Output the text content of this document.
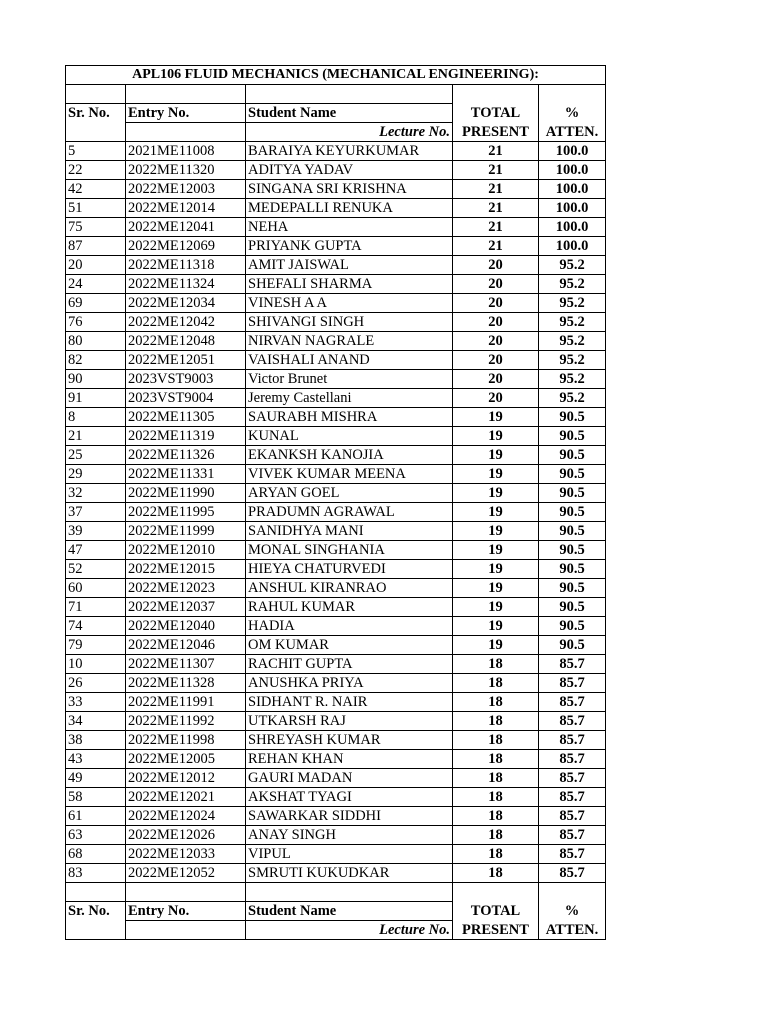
APL106 FLUID MECHANICS (MECHANICAL ENGINEERING):				

Sr. No.	Entry No.	Student Name	TOTAL	%
		Lecture No.	PRESENT	ATTEN.
5	2021ME11008	BARAIYA KEYURKUMAR	21	100.0
22	2022ME11320	ADITYA YADAV	21	100.0
42	2022ME12003	SINGANA SRI KRISHNA	21	100.0
51	2022ME12014	MEDEPALLI RENUKA	21	100.0
75	2022ME12041	NEHA	21	100.0
87	2022ME12069	PRIYANK GUPTA	21	100.0
20	2022ME11318	AMIT JAISWAL	20	95.2
24	2022ME11324	SHEFALI SHARMA	20	95.2
69	2022ME12034	VINESH A A	20	95.2
76	2022ME12042	SHIVANGI SINGH	20	95.2
80	2022ME12048	NIRVAN NAGRALE	20	95.2
82	2022ME12051	VAISHALI ANAND	20	95.2
90	2023VST9003	Victor Brunet	20	95.2
91	2023VST9004	Jeremy Castellani	20	95.2
8	2022ME11305	SAURABH MISHRA	19	90.5
21	2022ME11319	KUNAL	19	90.5
25	2022ME11326	EKANKSH KANOJIA	19	90.5
29	2022ME11331	VIVEK KUMAR MEENA	19	90.5
32	2022ME11990	ARYAN GOEL	19	90.5
37	2022ME11995	PRADUMN AGRAWAL	19	90.5
39	2022ME11999	SANIDHYA MANI	19	90.5
47	2022ME12010	MONAL SINGHANIA	19	90.5
52	2022ME12015	HIEYA CHATURVEDI	19	90.5
60	2022ME12023	ANSHUL KIRANRAO	19	90.5
71	2022ME12037	RAHUL KUMAR	19	90.5
74	2022ME12040	HADIA	19	90.5
79	2022ME12046	OM KUMAR	19	90.5
10	2022ME11307	RACHIT GUPTA	18	85.7
26	2022ME11328	ANUSHKA PRIYA	18	85.7
33	2022ME11991	SIDHANT R. NAIR	18	85.7
34	2022ME11992	UTKARSH RAJ	18	85.7
38	2022ME11998	SHREYASH KUMAR	18	85.7
43	2022ME12005	REHAN KHAN	18	85.7
49	2022ME12012	GAURI MADAN	18	85.7
58	2022ME12021	AKSHAT TYAGI	18	85.7
61	2022ME12024	SAWARKAR SIDDHI	18	85.7
63	2022ME12026	ANAY SINGH	18	85.7
68	2022ME12033	VIPUL	18	85.7
83	2022ME12052	SMRUTI KUKUDKAR	18	85.7

Sr. No.	Entry No.	Student Name	TOTAL	%
		Lecture No.	PRESENT	ATTEN.
